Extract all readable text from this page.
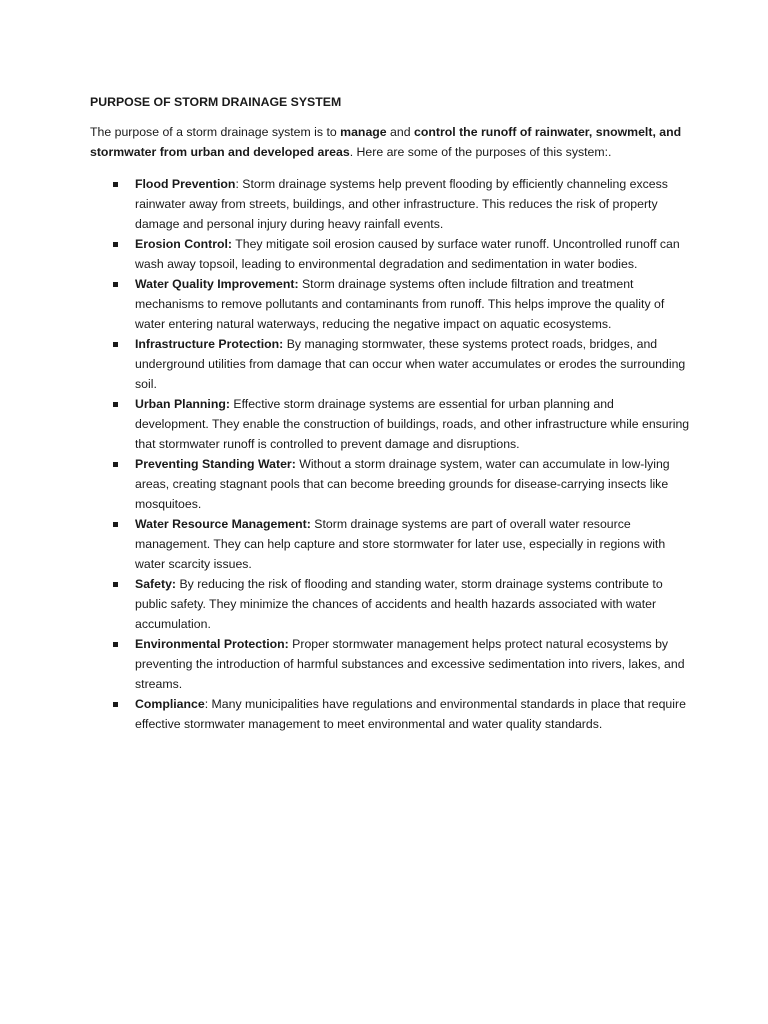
PURPOSE OF STORM DRAINAGE SYSTEM

The purpose of a storm drainage system is to manage and control the runoff of rainwater, snowmelt, and stormwater from urban and developed areas. Here are some of the purposes of this system:.

Flood Prevention: Storm drainage systems help prevent flooding by efficiently channeling excess rainwater away from streets, buildings, and other infrastructure. This reduces the risk of property damage and personal injury during heavy rainfall events.
Erosion Control: They mitigate soil erosion caused by surface water runoff. Uncontrolled runoff can wash away topsoil, leading to environmental degradation and sedimentation in water bodies.
Water Quality Improvement: Storm drainage systems often include filtration and treatment mechanisms to remove pollutants and contaminants from runoff. This helps improve the quality of water entering natural waterways, reducing the negative impact on aquatic ecosystems.
Infrastructure Protection: By managing stormwater, these systems protect roads, bridges, and underground utilities from damage that can occur when water accumulates or erodes the surrounding soil.
Urban Planning: Effective storm drainage systems are essential for urban planning and development. They enable the construction of buildings, roads, and other infrastructure while ensuring that stormwater runoff is controlled to prevent damage and disruptions.
Preventing Standing Water: Without a storm drainage system, water can accumulate in low-lying areas, creating stagnant pools that can become breeding grounds for disease-carrying insects like mosquitoes.
Water Resource Management: Storm drainage systems are part of overall water resource management. They can help capture and store stormwater for later use, especially in regions with water scarcity issues.
Safety: By reducing the risk of flooding and standing water, storm drainage systems contribute to public safety. They minimize the chances of accidents and health hazards associated with water accumulation.
Environmental Protection: Proper stormwater management helps protect natural ecosystems by preventing the introduction of harmful substances and excessive sedimentation into rivers, lakes, and streams.
Compliance: Many municipalities have regulations and environmental standards in place that require effective stormwater management to meet environmental and water quality standards.
